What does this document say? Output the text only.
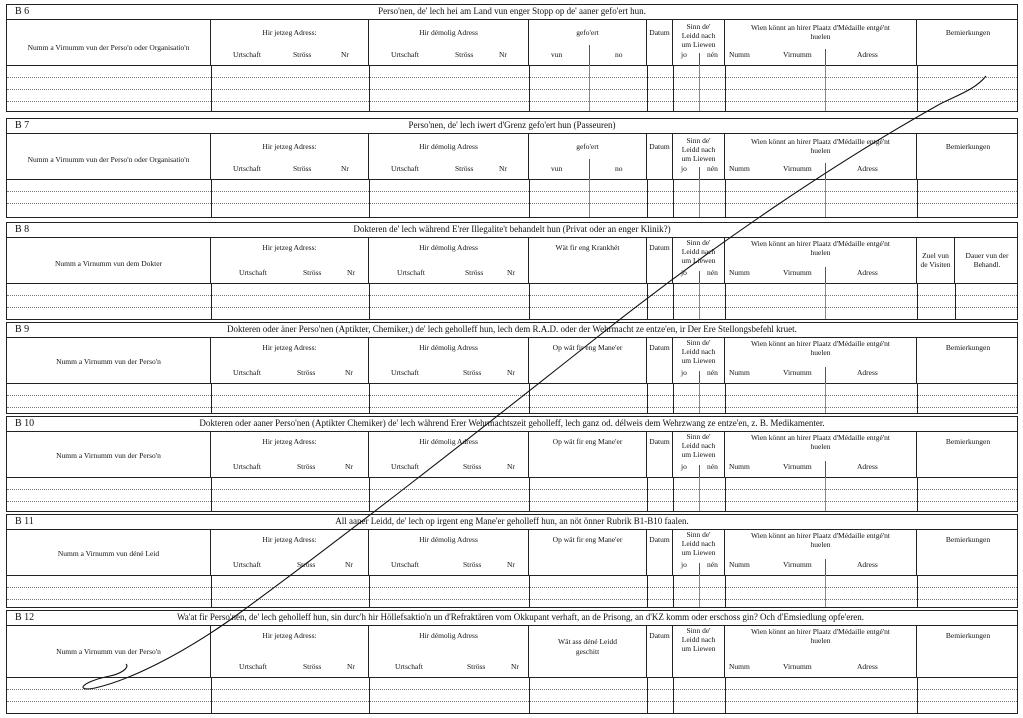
B 6	Perso'nen, de' lech hei am Land vun enger Stopp op de' aaner gefo'ert hun.
Numm a Virnumm vun der Perso'n oder Organisatio'n
Hir jetzeg Adress:
Urtschaft	Ströss	Nr
Hir démolig Adress
Urtschaft	Ströss	Nr
gefo'ert
vun	no
Datum
Sinn de' Leidd nach um Liewen
jo	nén
Wien könnt an hirer Plaatz d'Médaille entgé'nt huelen
Numm	Virnumm	Adress
Bemierkungen
B 7	Perso'nen, de' lech iwert d'Grenz gefo'ert hun (Passeuren)
Numm a Virnumm vun der Perso'n oder Organisatio'n
Hir jetzeg Adress:
Urtschaft	Ströss	Nr
Hir démolig Adress
Urtschaft	Ströss	Nr
gefo'ert
vun	no
Datum
Sinn de' Leidd nach um Liewen
jo	nén
Wien könnt an hirer Plaatz d'Médaille entgé'nt huelen
Numm	Virnumm	Adress
Bemierkungen
B 8	Dokteren de' lech während E'rer Illegalite't behandelt hun (Privat oder an enger Klinik?)
Numm a Virnumm vun dem Dokter
Hir jetzeg Adress:
Urtschaft	Ströss	Nr
Hir démolig Adress
Urtschaft	Ströss	Nr
Wät fir eng Krankhét	Datum
Sinn de' Leidd nach um Liewen
jo	nén
Wien könnt an hirer Plaatz d'Médaille entgé'nt huelen
Numm	Virnumm	Adress
Zuel vun de Visiten
Dauer vun der Behandl.
B 9	Dokteren oder äner Perso'nen (Aptikter, Chemiker,) de' lech geholleff hun, lech dem R.A.D. oder der Wehrmacht ze entze'en, ir Der Ere Stellongsbefehl kruet.
Numm a Virnumm vun der Perso'n
Hir jetzeg Adress:
Urtschaft	Ströss	Nr
Hir démolig Adress
Urtschaft	Ströss	Nr
Op wät fir eng Mane'er	Datum
Sinn de' Leidd nach um Liewen
jo	nén
Wien könnt an hirer Plaatz d'Médaille entgé'nt huelen
Numm	Virnumm	Adress
Bemierkungen
B 10	Dokteren oder aaner Perso'nen (Aptikter Chemiker) de' lech während Erer Wehrmachtszeit geholleff, lech ganz od. délweis dem Wehrzwang ze entze'en, z. B. Medikamenter.
Numm a Virnumm vun der Perso'n
Hir jetzeg Adress:
Urtschaft	Ströss	Nr
Hir démolig Adress
Urtschaft	Ströss	Nr
Op wät fir eng Mane'er	Datum
Sinn de' Leidd nach um Liewen
jo	nén
Wien könnt an hirer Plaatz d'Médaille entgé'nt huelen
Numm	Virnumm	Adress
Bemierkungen
B 11	All aaner Leidd, de' lech op irgent eng Mane'er geholleff hun, an nöt önner Rubrik B1-B10 faalen.
Numm a Virnumm vun déné Leid
Hir jetzeg Adress:
Urtschaft	Ströss	Nr
Hir démolig Adress
Urtschaft	Ströss	Nr
Op wät fir eng Mane'er	Datum
Sinn de' Leidd nach um Liewen
jo	nén
Wien könnt an hirer Plaatz d'Médaille entgé'nt huelen
Numm	Virnumm	Adress
Bemierkungen
B 12	Wa'at fir Perso'nen, de' lech geholleff hun, sin durc'h hir Höllefsaktio'n un d'Refraktären vom Okkupant verhaft, an de Prisong, an d'KZ komm oder erschoss gin? Och d'Emsiedlung opfe'eren.
Numm a Virnumm vun der Perso'n
Hir jetzeg Adress:
Urtschaft	Ströss	Nr
Hir démolig Adress
Urtschaft	Ströss	Nr
Wät ass déné Leidd geschitt
Datum
Sinn de' Leidd nach um Liewen
Wien könnt an hirer Plaatz d'Médaille entgé'nt huelen
Numm	Virnumm	Adress
Bemierkungen
